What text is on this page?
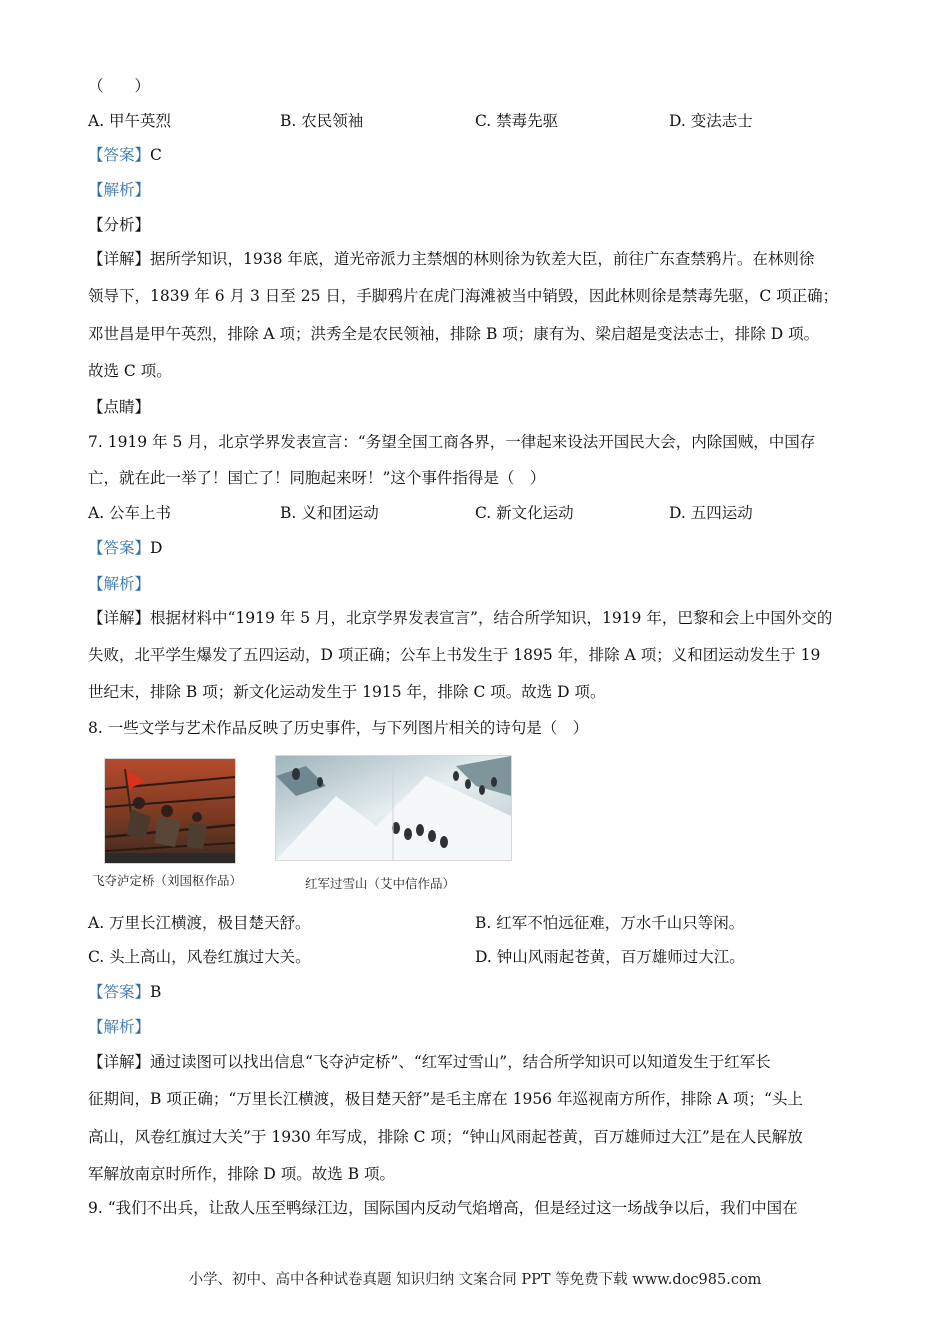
（　　）
A. 甲午英烈	B. 农民领袖	C. 禁毒先驱	D. 变法志士
【答案】C
【解析】
【分析】
【详解】据所学知识，1938 年底，道光帝派力主禁烟的林则徐为钦差大臣，前往广东查禁鸦片。在林则徐
领导下，1839 年 6 月 3 日至 25 日，手脚鸦片在虎门海滩被当中销毁，因此林则徐是禁毒先驱，C 项正确；
邓世昌是甲午英烈，排除 A 项；洪秀全是农民领袖，排除 B 项；康有为、梁启超是变法志士，排除 D 项。
故选 C 项。
【点睛】
7. 1919 年 5 月，北京学界发表宣言：“务望全国工商各界，一律起来设法开国民大会，内除国贼，中国存
亡，就在此一举了！国亡了！同胞起来呀！”这个事件指得是（　）
A. 公车上书	B. 义和团运动	C. 新文化运动	D. 五四运动
【答案】D
【解析】
【详解】根据材料中“1919 年 5 月，北京学界发表宣言”，结合所学知识，1919 年，巴黎和会上中国外交的
失败，北平学生爆发了五四运动，D 项正确；公车上书发生于 1895 年，排除 A 项；义和团运动发生于 19
世纪末，排除 B 项；新文化运动发生于 1915 年，排除 C 项。故选 D 项。
8. 一些文学与艺术作品反映了历史事件，与下列图片相关的诗句是（　）
飞夺泸定桥（刘国枢作品）	红军过雪山（艾中信作品）
A. 万里长江横渡，极目楚天舒。	B. 红军不怕远征难，万水千山只等闲。
C. 头上高山，风卷红旗过大关。	D. 钟山风雨起苍黄，百万雄师过大江。
【答案】B
【解析】
【详解】通过读图可以找出信息“飞夺泸定桥”、“红军过雪山”，结合所学知识可以知道发生于红军长
征期间，B 项正确；“万里长江横渡，极目楚天舒”是毛主席在 1956 年巡视南方所作，排除 A 项；“头上
高山，风卷红旗过大关”于 1930 年写成，排除 C 项；“钟山风雨起苍黄，百万雄师过大江”是在人民解放
军解放南京时所作，排除 D 项。故选 B 项。
9. “我们不出兵，让敌人压至鸭绿江边，国际国内反动气焰增高，但是经过这一场战争以后，我们中国在
小学、初中、高中各种试卷真题 知识归纳 文案合同 PPT 等免费下载 www.doc985.com
